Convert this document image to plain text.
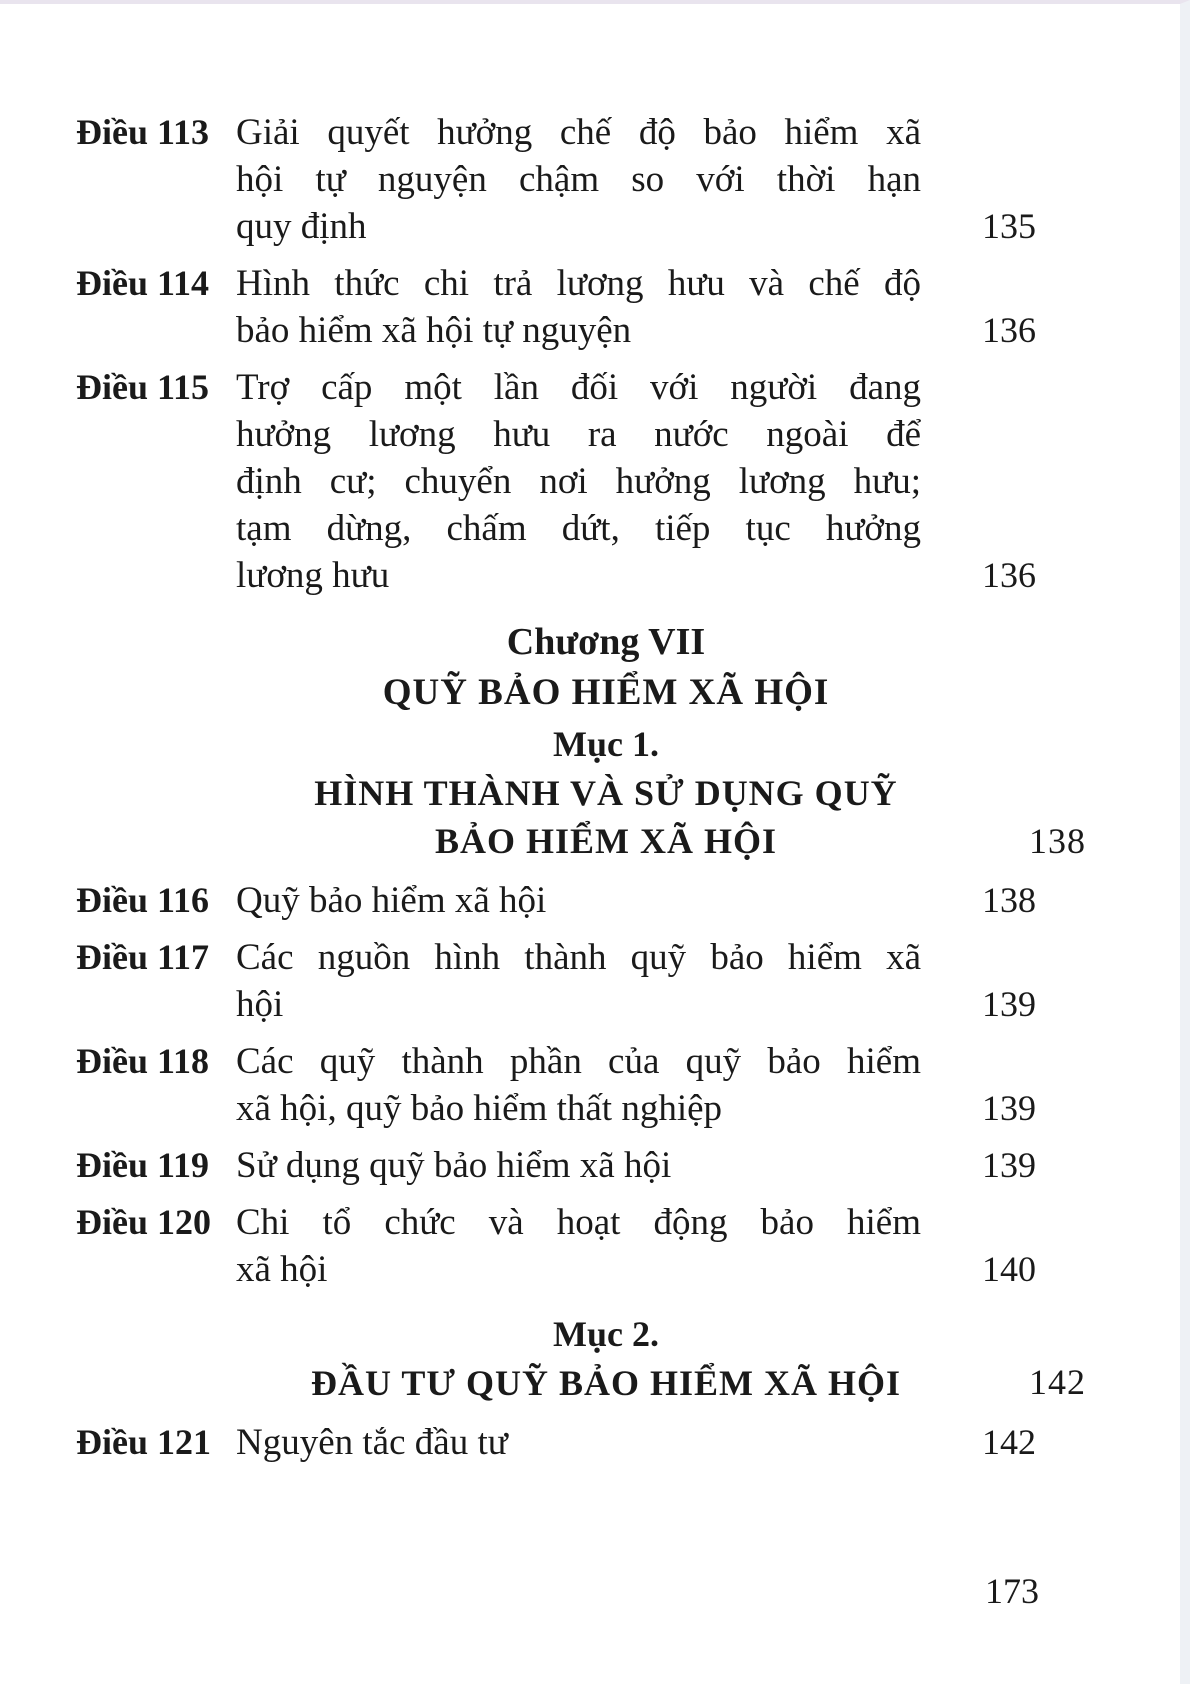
Điều 113 Giải quyết hưởng chế độ bảo hiểm xã
hội tự nguyện chậm so với thời hạn
quy định	135
Điều 114 Hình thức chi trả lương hưu và chế độ
bảo hiểm xã hội tự nguyện	136
Điều 115 Trợ cấp một lần đối với người đang
hưởng lương hưu ra nước ngoài để
định cư; chuyển nơi hưởng lương hưu;
tạm dừng, chấm dứt, tiếp tục hưởng
lương hưu	136
Chương VII
QUỸ BẢO HIỂM XÃ HỘI
Mục 1.
HÌNH THÀNH VÀ SỬ DỤNG QUỸ
BẢO HIỂM XÃ HỘI	138
Điều 116 Quỹ bảo hiểm xã hội	138
Điều 117 Các nguồn hình thành quỹ bảo hiểm xã
hội	139
Điều 118 Các quỹ thành phần của quỹ bảo hiểm
xã hội, quỹ bảo hiểm thất nghiệp	139
Điều 119 Sử dụng quỹ bảo hiểm xã hội	139
Điều 120 Chi tổ chức và hoạt động bảo hiểm
xã hội	140
Mục 2.
ĐẦU TƯ QUỸ BẢO HIỂM XÃ HỘI	142
Điều 121 Nguyên tắc đầu tư	142
173
